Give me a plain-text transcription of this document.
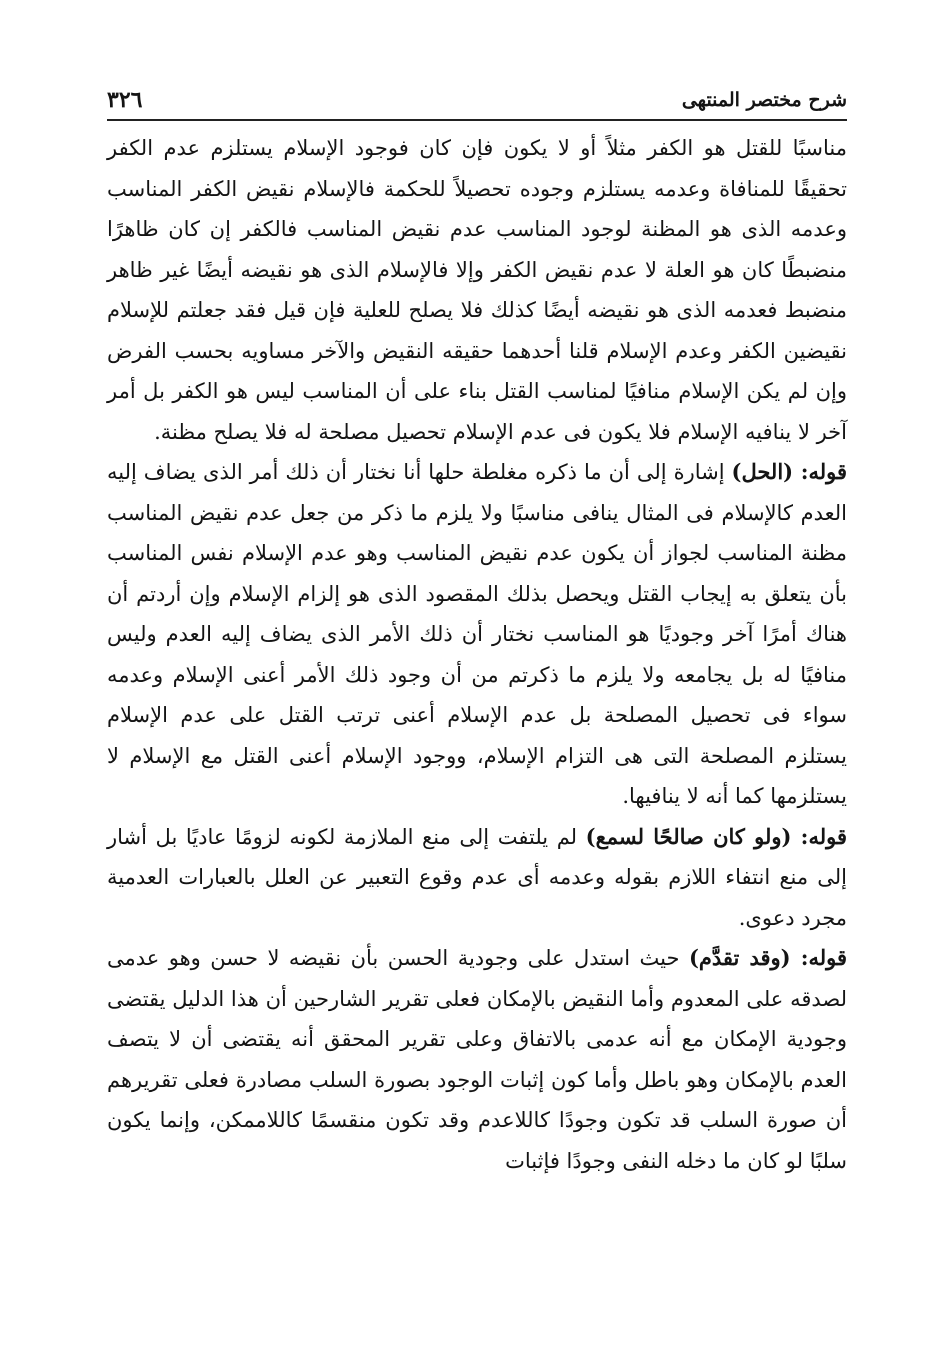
٣٢٦	شرح مختصر المنتهى

مناسبًا للقتل هو الكفر مثلاً أو لا يكون فإن كان فوجود الإسلام يستلزم عدم الكفر تحقيقًا للمنافاة وعدمه يستلزم وجوده تحصيلاً للحكمة فالإسلام نقيض الكفر المناسب وعدمه الذى هو المظنة لوجود المناسب عدم نقيض المناسب فالكفر إن كان ظاهرًا منضبطًا كان هو العلة لا عدم نقيض الكفر وإلا فالإسلام الذى هو نقيضه أيضًا غير ظاهر منضبط فعدمه الذى هو نقيضه أيضًا كذلك فلا يصلح للعلية فإن قيل فقد جعلتم للإسلام نقيضين الكفر وعدم الإسلام قلنا أحدهما حقيقه النقيض والآخر مساويه بحسب الفرض وإن لم يكن الإسلام منافيًا لمناسب القتل بناء على أن المناسب ليس هو الكفر بل أمر آخر لا ينافيه الإسلام فلا يكون فى عدم الإسلام تحصيل مصلحة له فلا يصلح مظنة.

قوله: (الحل) إشارة إلى أن ما ذكره مغلطة حلها أنا نختار أن ذلك أمر الذى يضاف إليه العدم كالإسلام فى المثال ينافى مناسبًا ولا يلزم ما ذكر من جعل عدم نقيض المناسب مظنة المناسب لجواز أن يكون عدم نقيض المناسب وهو عدم الإسلام نفس المناسب بأن يتعلق به إيجاب القتل ويحصل بذلك المقصود الذى هو إلزام الإسلام وإن أردتم أن هناك أمرًا آخر وجوديًا هو المناسب نختار أن ذلك الأمر الذى يضاف إليه العدم وليس منافيًا له بل يجامعه ولا يلزم ما ذكرتم من أن وجود ذلك الأمر أعنى الإسلام وعدمه سواء فى تحصيل المصلحة بل عدم الإسلام أعنى ترتب القتل على عدم الإسلام يستلزم المصلحة التى هى التزام الإسلام، ووجود الإسلام أعنى القتل مع الإسلام لا يستلزمها كما أنه لا ينافيها.

قوله: (ولو كان صالحًا لسمع) لم يلتفت إلى منع الملازمة لكونه لزومًا عاديًا بل أشار إلى منع انتفاء اللازم بقوله وعدمه أى عدم وقوع التعبير عن العلل بالعبارات العدمية مجرد دعوى.

قوله: (وقد تقدَّم) حيث استدل على وجودية الحسن بأن نقيضه لا حسن وهو عدمى لصدقه على المعدوم وأما النقيض بالإمكان فعلى تقرير الشارحين أن هذا الدليل يقتضى وجودية الإمكان مع أنه عدمى بالاتفاق وعلى تقرير المحقق أنه يقتضى أن لا يتصف العدم بالإمكان وهو باطل وأما كون إثبات الوجود بصورة السلب مصادرة فعلى تقريرهم أن صورة السلب قد تكون وجودًا كاللاعدم وقد تكون منقسمًا كاللاممكن، وإنما يكون سلبًا لو كان ما دخله النفى وجودًا فإثبات
